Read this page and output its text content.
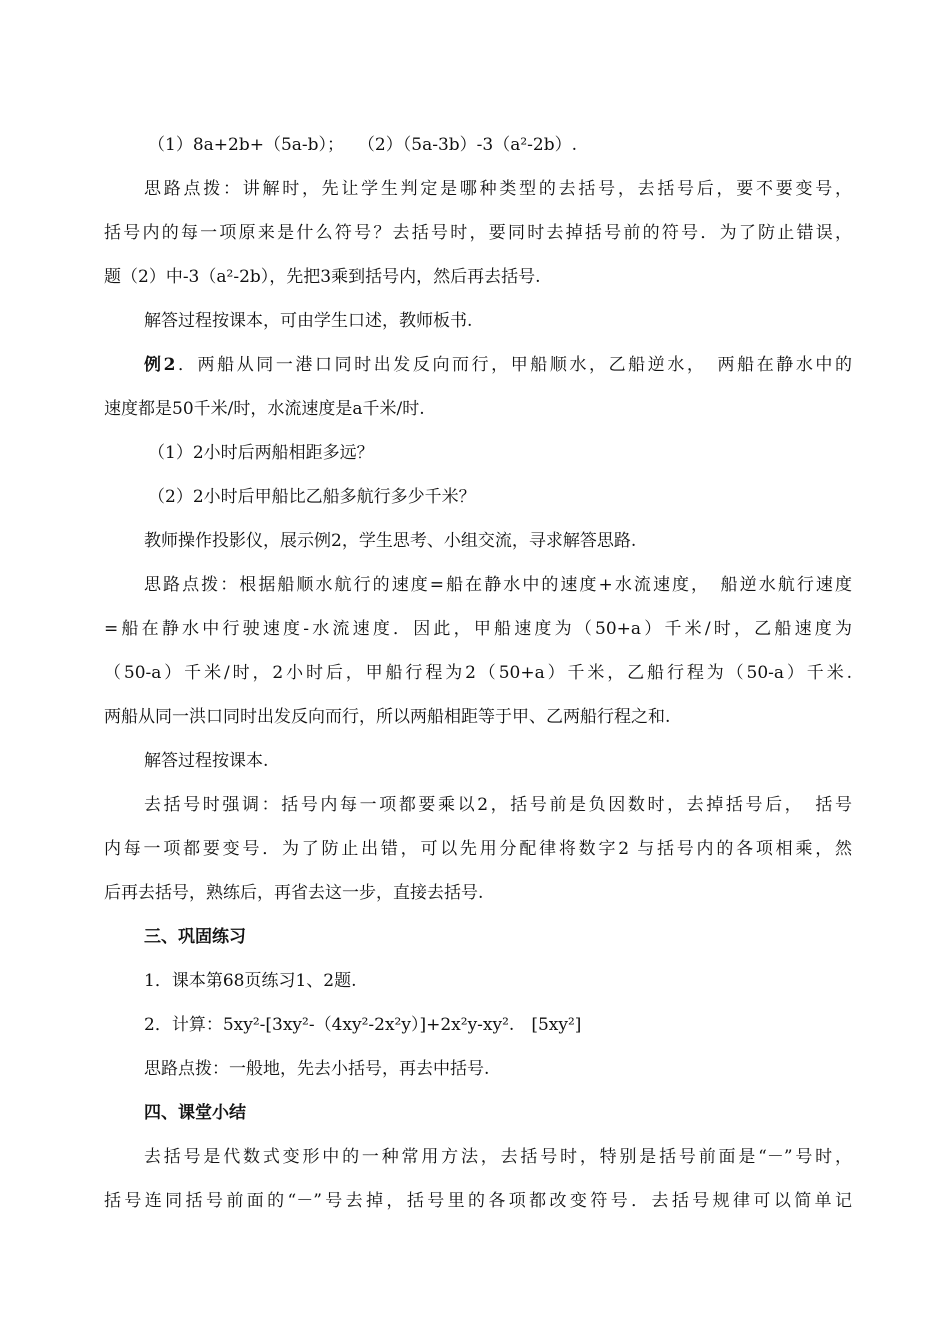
（1）8a+2b+（5a-b）；　 （2）（5a-3b）-3（a²-2b）.
思路点拨：讲解时，先让学生判定是哪种类型的去括号，去括号后，要不要变号，
括号内的每一项原来是什么符号？去括号时，要同时去掉括号前的符号．为了防止错误，
题（2）中-3（a²-2b），先把3乘到括号内，然后再去括号.
解答过程按课本，可由学生口述，教师板书.
例2．两船从同一港口同时出发反向而行，甲船顺水，乙船逆水，　两船在静水中的
速度都是50千米/时，水流速度是a千米/时.
（1）2小时后两船相距多远？
（2）2小时后甲船比乙船多航行多少千米？
教师操作投影仪，展示例2，学生思考、小组交流，寻求解答思路.
思路点拨：根据船顺水航行的速度=船在静水中的速度+水流速度，　船逆水航行速度
=船在静水中行驶速度-水流速度．因此，甲船速度为（50+a）千米/时，乙船速度为
（50-a）千米/时，2小时后，甲船行程为2（50+a）千米，乙船行程为（50-a）千米.
两船从同一洪口同时出发反向而行，所以两船相距等于甲、乙两船行程之和.
解答过程按课本.
去括号时强调：括号内每一项都要乘以2，括号前是负因数时，去掉括号后，　括号
内每一项都要变号．为了防止出错，可以先用分配律将数字2 与括号内的各项相乘，然
后再去括号，熟练后，再省去这一步，直接去括号.
三、巩固练习
1．课本第68页练习1、2题.
2．计算：5xy²-[3xy²-（4xy²-2x²y）]+2x²y-xy².　[5xy²]
思路点拨：一般地，先去小括号，再去中括号.
四、课堂小结
去括号是代数式变形中的一种常用方法，去括号时，特别是括号前面是“－”号时，
括号连同括号前面的“－”号去掉，括号里的各项都改变符号．去括号规律可以简单记
